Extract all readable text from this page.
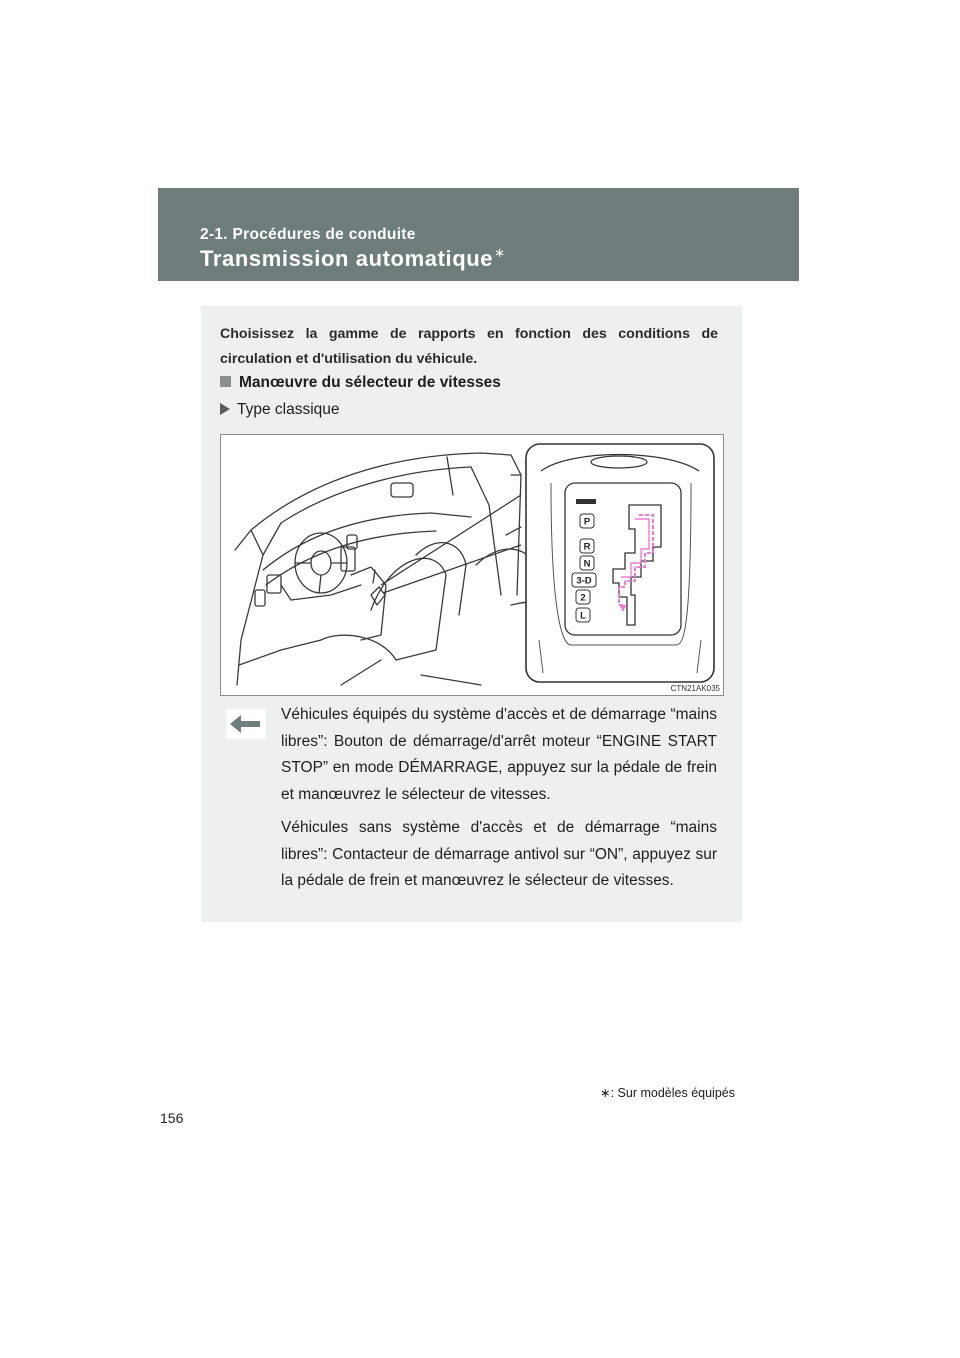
2-1. Procédures de conduite
Transmission automatique∗
Choisissez la gamme de rapports en fonction des conditions de circulation et d'utilisation du véhicule.
Manœuvre du sélecteur de vitesses
Type classique
P
R
N
3-D
2
L
CTN21AK035

Véhicules équipés du système d'accès et de démarrage “mains libres”: Bouton de démarrage/d'arrêt moteur “ENGINE START STOP” en mode DÉMARRAGE, appuyez sur la pédale de frein et manœuvrez le sélecteur de vitesses.

Véhicules sans système d'accès et de démarrage “mains libres”: Contacteur de démarrage antivol sur “ON”, appuyez sur la pédale de frein et manœuvrez le sélecteur de vitesses.

∗: Sur modèles équipés
156
